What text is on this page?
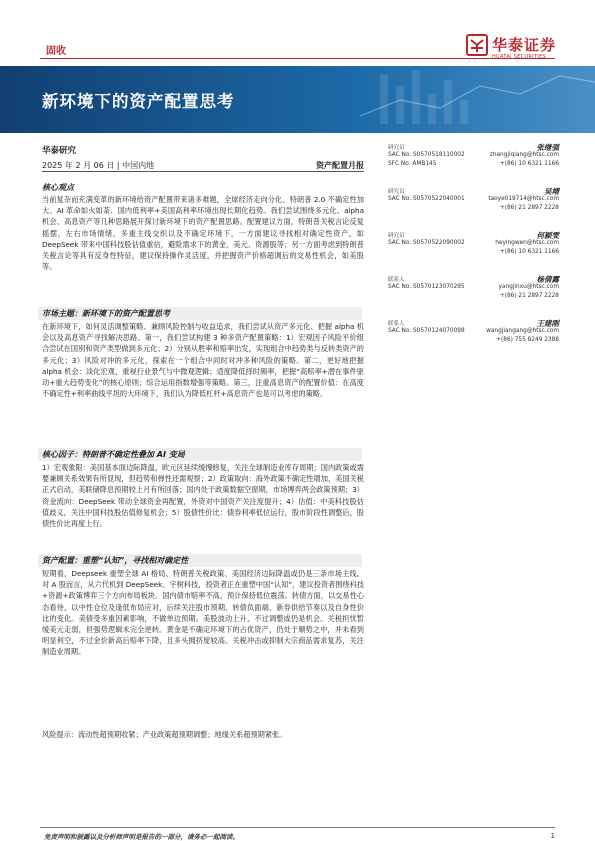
固收	华泰证券
HUATAI SECURITIES
新环境下的资产配置思考
华泰研究
2025 年 2 月 06 日 | 中国内地	资产配置月报
核心观点
当前复杂而充满变革的新环境给资产配置带来诸多难题，全球经济走向分化、特朗普 2.0 不确定性加大、AI 革命如火如荼、国内低利率+美国高利率环境出现长期化趋势。我们尝试围绕多元化、alpha 机会、高息资产等几种思路展开探讨新环境下的资产配置思路。配置建议方面，特朗普关税言论反复摇摆，左右市场情绪，多重主线交织以及不确定环境下，一方面建议寻找相对确定性资产，如 DeepSeek 带来中国科技股估值重估，避险需求下的黄金、美元、资源股等；另一方面考虑到特朗普关税言论等具有反身性特征，建议保持操作灵活度，并把握资产价格超调后的交易性机会，如美股等。
市场主题：新环境下的资产配置思考
在新环境下，如何灵活调整策略、兼顾风险控制与收益追求，我们尝试从资产多元化、把握 alpha 机会以及高息资产寻找解决思路。第一，我们尝试构建 3 种多资产配置策略：1）宏观因子风险平价组合尝试在国别和资产类型做到多元化；2）分别从胜率和赔率出发，实现组合中趋势类与反转类资产的多元化；3）风险对冲的多元化，探索在一个组合中同时对冲多种风险的策略。第二，更好地把握 alpha 机会：淡化宏观，重视行业景气与中微观逻辑；适度降低择时频率，把握“高赔率+潜在事件驱动+重大趋势变化”的核心原则；综合运用指数增强等策略。第三，注重高息资产的配置价值：在高度不确定性+利率曲线平坦的大环境下，我们认为降低杠杆+高息资产也是可以考虑的策略。
核心因子：特朗普不确定性叠加 AI 变局
1）宏观象限：美国基本面边际降温，欧元区延续缓慢修复，关注全球制造业库存周期；国内政策或需要兼顾关系效果有所显现，但趋势和弹性还需观察；2）政策取向：海外政策不确定性增加，美国关税正式启动，美联储降息预期较上月有所回落；国内处于政策数据空窗期，市场博弈两会政策预期；3）资金流向：DeepSeek 带动全球资金再配置，外资对中国资产关注度提升；4）估值：中美科技股估值歧义，关注中国科技股估值修复机会；5）股债性价比：债券利率低位运行，股市阶段性调整后，股债性价比再度上行。
资产配置：重塑“认知”，寻找相对确定性
短期看，Deepseek 重塑全球 AI 格局、特朗普关税政策、美国经济边际降温或仍是三条市场主线。对 A 股而言，从六代机到 DeepSeek、宇树科技，投资者正在重塑中国“认知”，建议投资者围绕科技+资源+政策博弈三个方向布局板块。国内债市赔率不高，预计保持低位震荡。转债方面，以交易性心态看待，以中性仓位及逢低布局应对，后续关注股市预期、转债负面端、新券供给节奏以及自身性价比的变化。美债受多重因素影响，不做单边预期。美股波动上升，不过调整或仍是机会。关税担忧暂缓美元走弱，但强势逻辑未完全逆转。黄金是不确定环境下的占优资产，仍处于顺势之中，并未看到明显利空，不过金价新高后赔率下降，且多头拥挤度较高。关税冲击或抑制大宗商品需求复苏，关注制造业周期。
风险提示：流动性超预期收紧；产业政策超预期调整；地缘关系超预期紧张。
研究员	张继强
SAC No. S0570518110002	zhangjiqiang@htsc.com
SFC No. AMB145	+(86) 10 6321 1166
研究员	吴靖
SAC No. S0570522040001	taoye019714@htsc.com
+(86) 21 2897 2228
研究员	何颖雯
SAC No. S0570522090002	heyingwen@htsc.com
+(86) 10 6321 1166
联系人	杨倩露
SAC No. S0570123070295	yangjinxu@htsc.com
+(86) 21 2897 2228
联系人	王建刚
SAC No. S0570124070098	wangjiangang@htsc.com
+(86) 755 8249 2388
免责声明和披露以及分析师声明是报告的一部分，请务必一起阅读。	1
